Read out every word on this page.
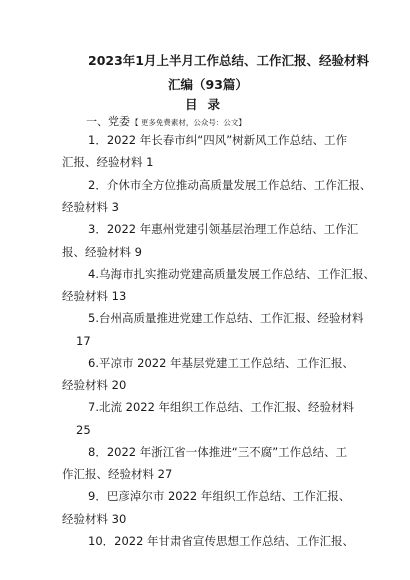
2023年1月上半月工作总结、工作汇报、经验材料
汇编（93篇）
目录
一、党委【 更多免费素材，公众号：公文】
1．2022 年长春市纠“四风”树新风工作总结、工作
汇报、经验材料 1
2．介休市全方位推动高质量发展工作总结、工作汇报、
经验材料 3
3．2022 年惠州党建引领基层治理工作总结、工作汇
报、经验材料 9
4.乌海市扎实推动党建高质量发展工作总结、工作汇报、
经验材料 13
5.台州高质量推进党建工作总结、工作汇报、经验材料
17
6.平凉市 2022 年基层党建工工作总结、工作汇报、
经验材料 20
7.北流 2022 年组织工作总结、工作汇报、经验材料
25
8．2022 年浙江省一体推进“三不腐”工作总结、工
作汇报、经验材料 27
9．巴彦淖尔市 2022 年组织工作总结、工作汇报、
经验材料 30
10．2022 年甘肃省宣传思想工作总结、工作汇报、
